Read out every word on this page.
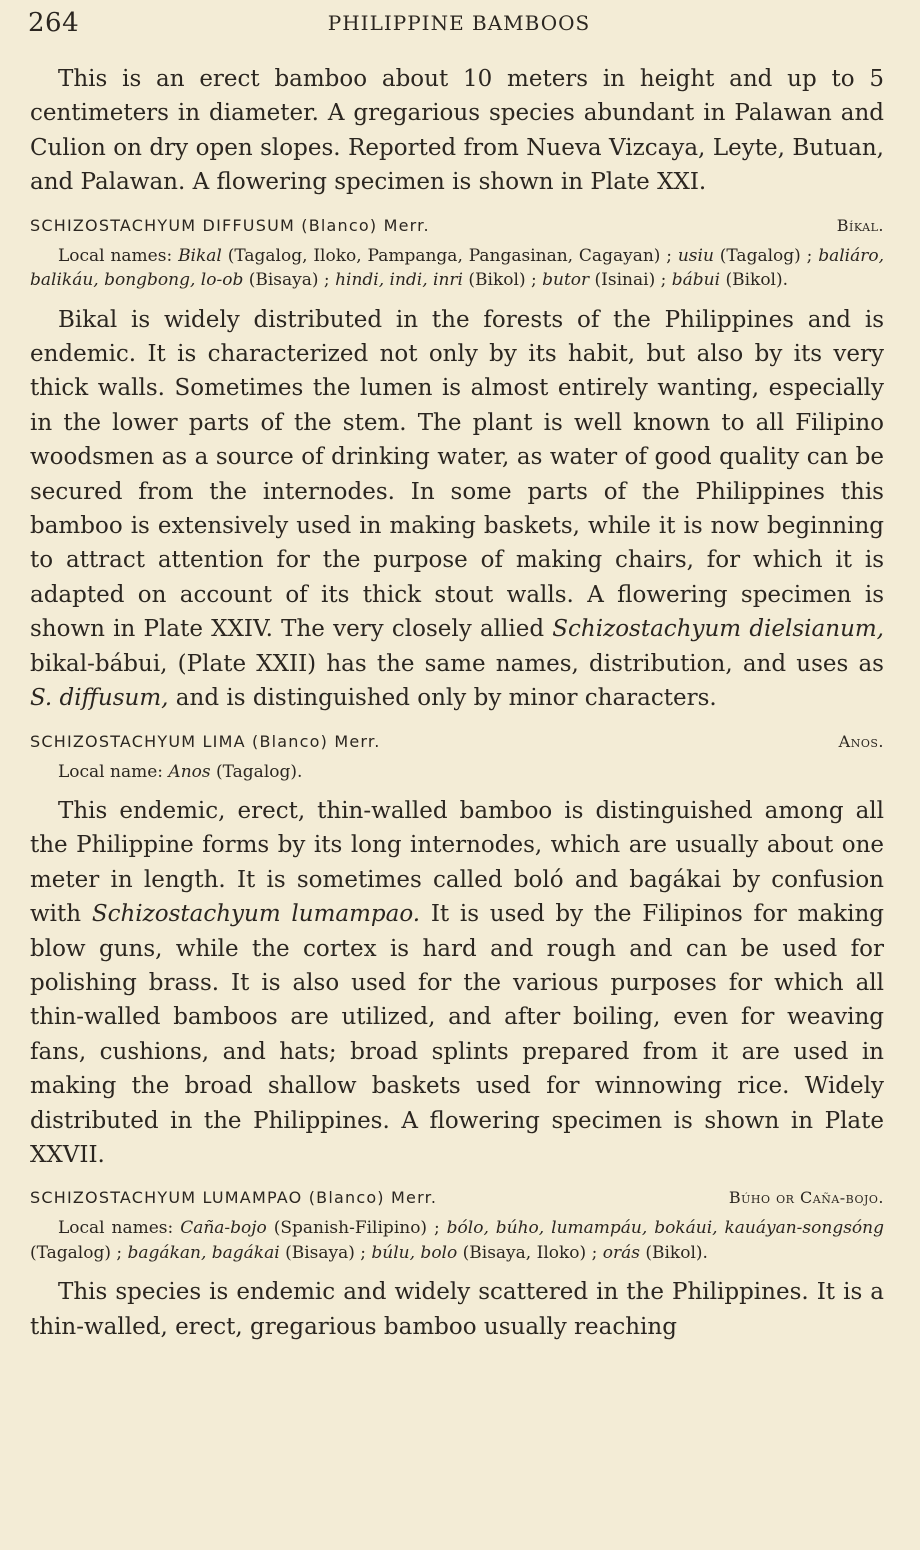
264	PHILIPPINE BAMBOOS

This is an erect bamboo about 10 meters in height and up to 5 centimeters in diameter. A gregarious species abundant in Palawan and Culion on dry open slopes. Reported from Nueva Vizcaya, Leyte, Butuan, and Palawan. A flowering specimen is shown in Plate XXI.

SCHIZOSTACHYUM DIFFUSUM (Blanco) Merr.	Bíkal.
Local names: Bikal (Tagalog, Iloko, Pampanga, Pangasinan, Cagayan) ; usiu (Tagalog) ; baliáro, balikáu, bongbong, lo-ob (Bisaya) ; hindi, indi, inri (Bikol) ; butor (Isinai) ; bábui (Bikol).

Bikal is widely distributed in the forests of the Philippines and is endemic. It is characterized not only by its habit, but also by its very thick walls. Sometimes the lumen is almost entirely wanting, especially in the lower parts of the stem. The plant is well known to all Filipino woodsmen as a source of drinking water, as water of good quality can be secured from the internodes. In some parts of the Philippines this bamboo is extensively used in making baskets, while it is now beginning to attract attention for the purpose of making chairs, for which it is adapted on account of its thick stout walls. A flowering specimen is shown in Plate XXIV. The very closely allied Schizostachyum dielsianum, bikal-bábui, (Plate XXII) has the same names, distribution, and uses as S. diffusum, and is distinguished only by minor characters.

SCHIZOSTACHYUM LIMA (Blanco) Merr.	Anos.
Local name: Anos (Tagalog).

This endemic, erect, thin-walled bamboo is distinguished among all the Philippine forms by its long internodes, which are usually about one meter in length. It is sometimes called boló and bagákai by confusion with Schizostachyum lumampao. It is used by the Filipinos for making blow guns, while the cortex is hard and rough and can be used for polishing brass. It is also used for the various purposes for which all thin-walled bamboos are utilized, and after boiling, even for weaving fans, cushions, and hats; broad splints prepared from it are used in making the broad shallow baskets used for winnowing rice. Widely distributed in the Philippines. A flowering specimen is shown in Plate XXVII.

SCHIZOSTACHYUM LUMAMPAO (Blanco) Merr.	Búho or Caña-bojo.
Local names: Caña-bojo (Spanish-Filipino) ; bólo, búho, lumampáu, bokáui, kauáyan-songsóng (Tagalog) ; bagákan, bagákai (Bisaya) ; búlu, bolo (Bisaya, Iloko) ; orás (Bikol).

This species is endemic and widely scattered in the Philippines. It is a thin-walled, erect, gregarious bamboo usually reaching
